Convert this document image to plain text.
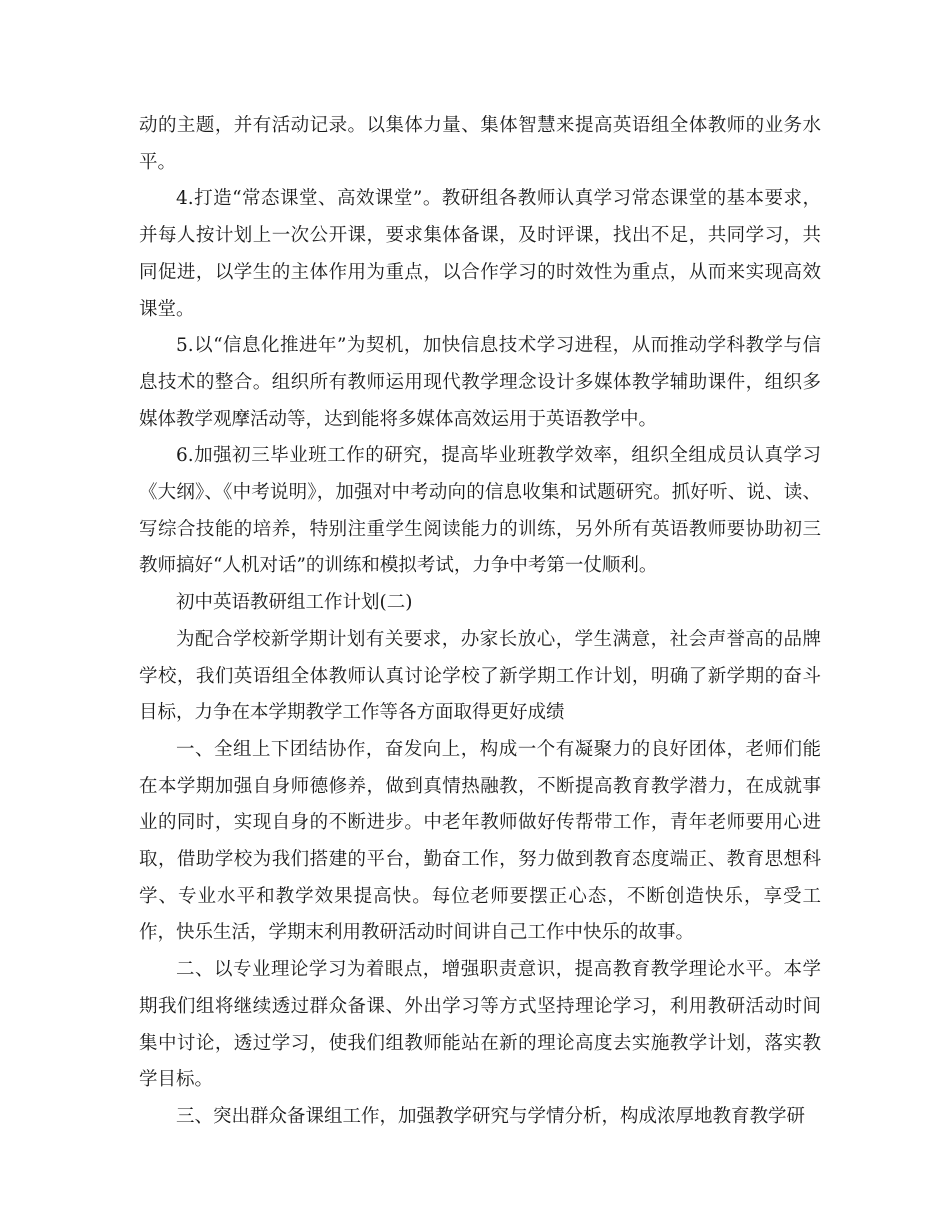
动的主题，并有活动记录。以集体力量、集体智慧来提高英语组全体教师的业务水平。

4.打造“常态课堂、高效课堂”。教研组各教师认真学习常态课堂的基本要求，并每人按计划上一次公开课，要求集体备课，及时评课，找出不足，共同学习，共同促进，以学生的主体作用为重点，以合作学习的时效性为重点，从而来实现高效课堂。

5.以“信息化推进年”为契机，加快信息技术学习进程，从而推动学科教学与信息技术的整合。组织所有教师运用现代教学理念设计多媒体教学辅助课件，组织多媒体教学观摩活动等，达到能将多媒体高效运用于英语教学中。

6.加强初三毕业班工作的研究，提高毕业班教学效率，组织全组成员认真学习《大纲》、《中考说明》，加强对中考动向的信息收集和试题研究。抓好听、说、读、写综合技能的培养，特别注重学生阅读能力的训练，另外所有英语教师要协助初三教师搞好“人机对话”的训练和模拟考试，力争中考第一仗顺利。

初中英语教研组工作计划(二)

为配合学校新学期计划有关要求，办家长放心，学生满意，社会声誉高的品牌学校，我们英语组全体教师认真讨论学校了新学期工作计划，明确了新学期的奋斗目标，力争在本学期教学工作等各方面取得更好成绩

一、全组上下团结协作，奋发向上，构成一个有凝聚力的良好团体，老师们能在本学期加强自身师德修养，做到真情热融教，不断提高教育教学潜力，在成就事业的同时，实现自身的不断进步。中老年教师做好传帮带工作，青年老师要用心进取，借助学校为我们搭建的平台，勤奋工作，努力做到教育态度端正、教育思想科学、专业水平和教学效果提高快。每位老师要摆正心态，不断创造快乐，享受工作，快乐生活，学期末利用教研活动时间讲自己工作中快乐的故事。

二、以专业理论学习为着眼点，增强职责意识，提高教育教学理论水平。本学期我们组将继续透过群众备课、外出学习等方式坚持理论学习，利用教研活动时间集中讨论，透过学习，使我们组教师能站在新的理论高度去实施教学计划，落实教学目标。

三、突出群众备课组工作，加强教学研究与学情分析，构成浓厚地教育教学研
